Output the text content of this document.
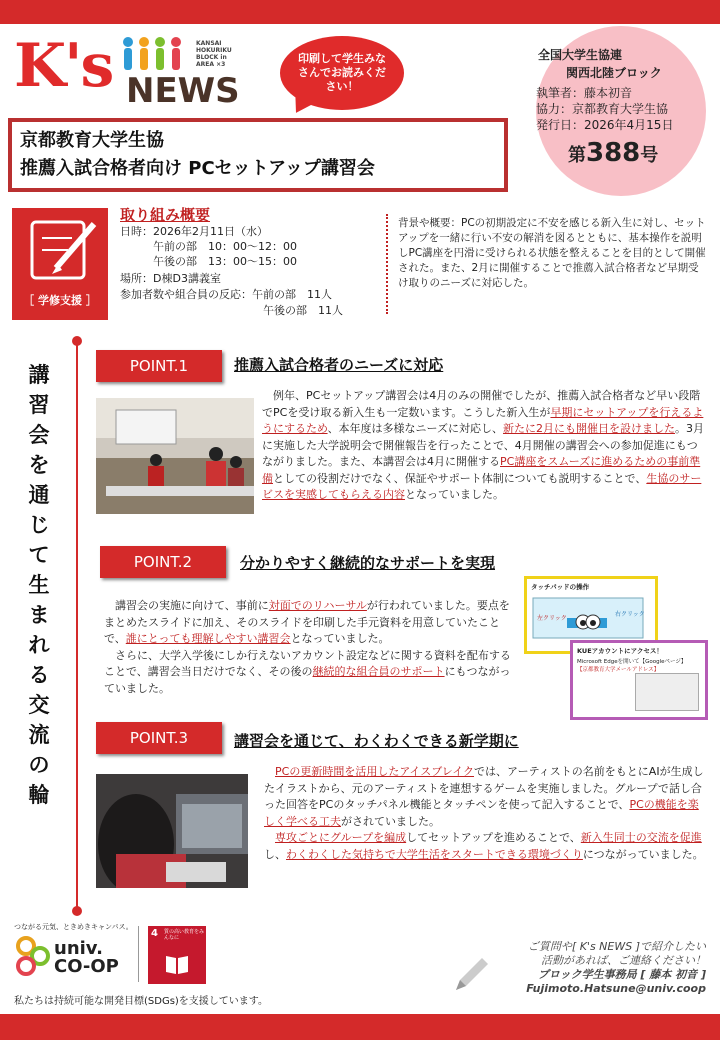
K's	KANSAI HOKURIKU BLOCK in AREA ×3
NEWS
印刷して学生みなさんでお読みください！
全国大学生協連
関西北陸ブロック
執筆者：藤本初音
協力：京都教育大学生協
発行日：2026年4月15日
第388号
京都教育大学生協
推薦入試合格者向け PCセットアップ講習会
［ 学修支援 ］
取り組み概要
日時：2026年2月11日（水）
　　　午前の部　10：00〜12：00
　　　午後の部　13：00〜15：00
場所：D棟D3講義室
参加者数や組合員の反応：午前の部　11人
　　　　　　　　　　　　　午後の部　11人
背景や概要：PCの初期設定に不安を感じる新入生に対し、セットアップを一緒に行い不安の解消を図るとともに、基本操作を説明しPC講座を円滑に受けられる状態を整えることを目的として開催された。また、2月に開催することで推薦入試合格者など早期受け取りのニーズに対応した。
講習会を通じて生まれる交流の輪
POINT.1	推薦入試合格者のニーズに対応
　例年、PCセットアップ講習会は4月のみの開催でしたが、推薦入試合格者など早い段階でPCを受け取る新入生も一定数います。こうした新入生が早期にセットアップを行えるようにするため、本年度は多様なニーズに対応し、新たに2月にも開催日を設けました。3月に実施した大学説明会で開催報告を行ったことで、4月開催の講習会への参加促進にもつながりました。また、本講習会は4月に開催するPC講座をスムーズに進めるための事前準備としての役割だけでなく、保証やサポート体制についても説明することで、生協のサービスを実感してもらえる内容となっていました。
POINT.2	分かりやすく継続的なサポートを実現
　講習会の実施に向けて、事前に対面でのリハーサルが行われていました。要点をまとめたスライドに加え、そのスライドを印刷した手元資料を用意していたことで、誰にとっても理解しやすい講習会となっていました。
　さらに、大学入学後にしか行えないアカウント設定などに関する資料を配布することで、講習会当日だけでなく、その後の継続的な組合員のサポートにもつながっていました。
タッチパッドの操作
左クリック
右クリック
KUEアカウントにアクセス！
Microsoft Edgeを開いて【Googleページ】
【京都教育大学メールアドレス】
POINT.3	講習会を通じて、わくわくできる新学期に
　PCの更新時間を活用したアイスブレイクでは、アーティストの名前をもとにAIが生成したイラストから、元のアーティストを連想するゲームを実施しました。グループで話し合った回答をPCのタッチパネル機能とタッチペンを使って記入することで、PCの機能を楽しく学べる工夫がされていました。
　専攻ごとにグループを編成してセットアップを進めることで、新入生同士の交流を促進し、わくわくした気持ちで大学生活をスタートできる環境づくりにつながっていました。
つながる元気、ときめきキャンパス。
univ. CO-OP
4	質の高い教育をみんなに
私たちは持続可能な開発目標(SDGs)を支援しています。
ご質問や[ K's NEWS ]で紹介したい
活動があれば、ご連絡ください！
ブロック学生事務局 [ 藤本 初音 ]
Fujimoto.Hatsune@univ.coop
